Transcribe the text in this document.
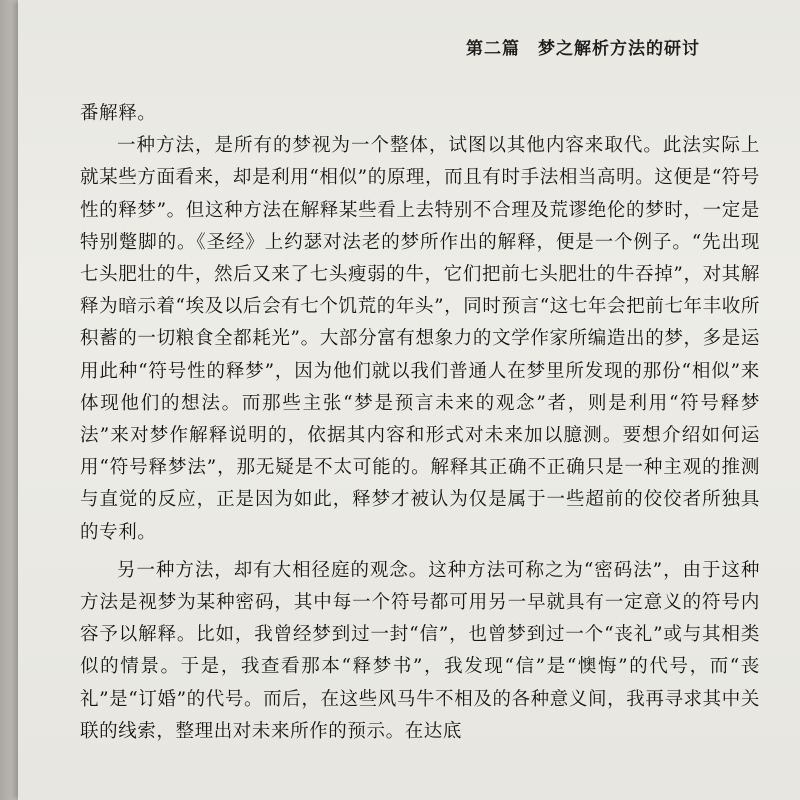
第二篇 梦之解析方法的研讨

番解释。

一种方法，是所有的梦视为一个整体，试图以其他内容来取代。此法实际上就某些方面看来，却是利用“相似”的原理，而且有时手法相当高明。这便是“符号性的释梦”。但这种方法在解释某些看上去特别不合理及荒谬绝伦的梦时，一定是特别蹩脚的。《圣经》上约瑟对法老的梦所作出的解释，便是一个例子。“先出现七头肥壮的牛，然后又来了七头瘦弱的牛，它们把前七头肥壮的牛吞掉”，对其解释为暗示着“埃及以后会有七个饥荒的年头”，同时预言“这七年会把前七年丰收所积蓄的一切粮食全都耗光”。大部分富有想象力的文学作家所编造出的梦，多是运用此种“符号性的释梦”，因为他们就以我们普通人在梦里所发现的那份“相似”来体现他们的想法。而那些主张“梦是预言未来的观念”者，则是利用“符号释梦法”来对梦作解释说明的，依据其内容和形式对未来加以臆测。要想介绍如何运用“符号释梦法”，那无疑是不太可能的。解释其正确不正确只是一种主观的推测与直觉的反应，正是因为如此，释梦才被认为仅是属于一些超前的佼佼者所独具的专利。

另一种方法，却有大相径庭的观念。这种方法可称之为“密码法”，由于这种方法是视梦为某种密码，其中每一个符号都可用另一早就具有一定意义的符号内容予以解释。比如，我曾经梦到过一封“信”，也曾梦到过一个“丧礼”或与其相类似的情景。于是，我查看那本“释梦书”，我发现“信”是“懊悔”的代号，而“丧礼”是“订婚”的代号。而后，在这些风马牛不相及的各种意义间，我再寻求其中关联的线索，整理出对未来所作的预示。在达底
